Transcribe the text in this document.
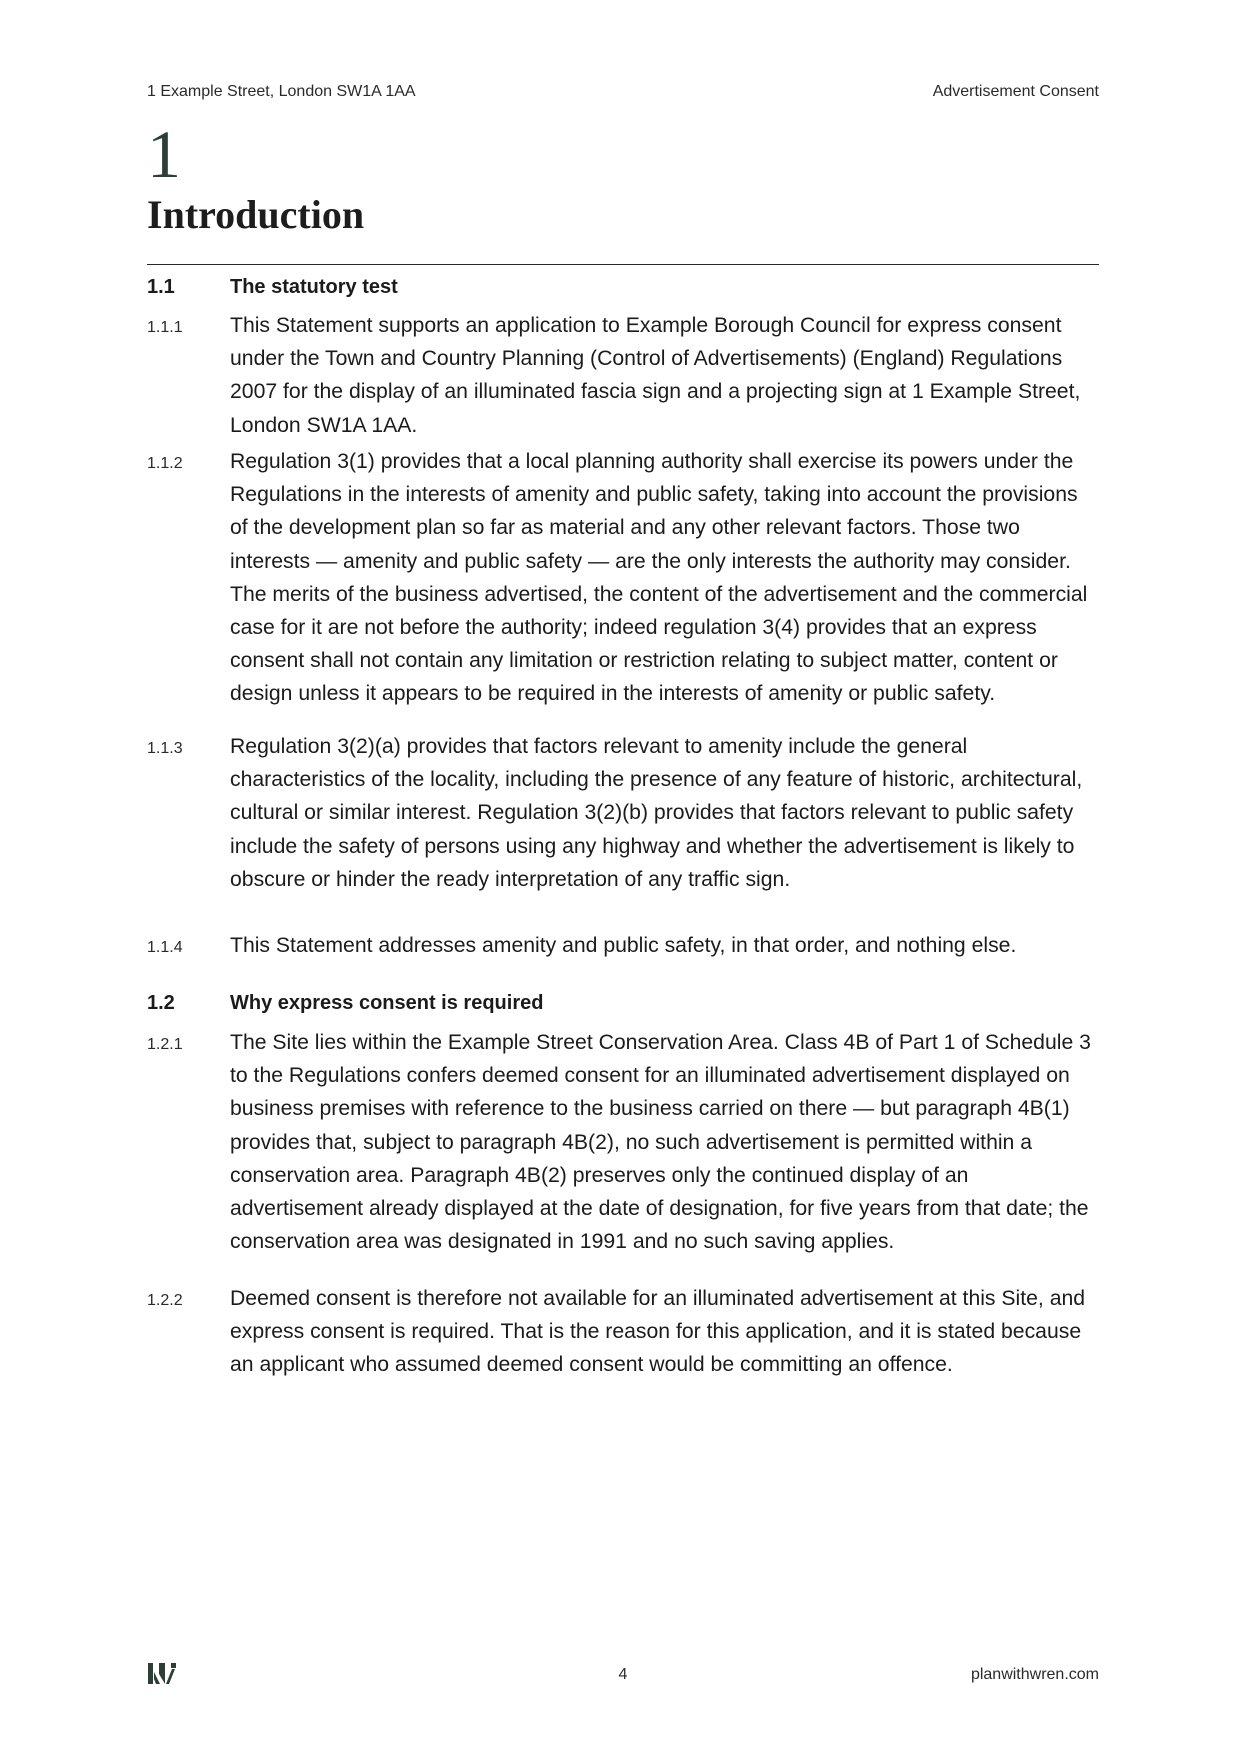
1 Example Street, London SW1A 1AA	Advertisement Consent
1
Introduction
1.1	The statutory test
1.1.1 This Statement supports an application to Example Borough Council for express consent under the Town and Country Planning (Control of Advertisements) (England) Regulations 2007 for the display of an illuminated fascia sign and a projecting sign at 1 Example Street, London SW1A 1AA.

1.1.2 Regulation 3(1) provides that a local planning authority shall exercise its powers under the Regulations in the interests of amenity and public safety, taking into account the provisions of the development plan so far as material and any other relevant factors. Those two interests — amenity and public safety — are the only interests the authority may consider. The merits of the business advertised, the content of the advertisement and the commercial case for it are not before the authority; indeed regulation 3(4) provides that an express consent shall not contain any limitation or restriction relating to subject matter, content or design unless it appears to be required in the interests of amenity or public safety.

1.1.3 Regulation 3(2)(a) provides that factors relevant to amenity include the general characteristics of the locality, including the presence of any feature of historic, architectural, cultural or similar interest. Regulation 3(2)(b) provides that factors relevant to public safety include the safety of persons using any highway and whether the advertisement is likely to obscure or hinder the ready interpretation of any traffic sign.

1.1.4 This Statement addresses amenity and public safety, in that order, and nothing else.

1.2	Why express consent is required
1.2.1 The Site lies within the Example Street Conservation Area. Class 4B of Part 1 of Schedule 3 to the Regulations confers deemed consent for an illuminated advertisement displayed on business premises with reference to the business carried on there — but paragraph 4B(1) provides that, subject to paragraph 4B(2), no such advertisement is permitted within a conservation area. Paragraph 4B(2) preserves only the continued display of an advertisement already displayed at the date of designation, for five years from that date; the conservation area was designated in 1991 and no such saving applies.

1.2.2 Deemed consent is therefore not available for an illuminated advertisement at this Site, and express consent is required. That is the reason for this application, and it is stated because an applicant who assumed deemed consent would be committing an offence.

4	planwithwren.com
